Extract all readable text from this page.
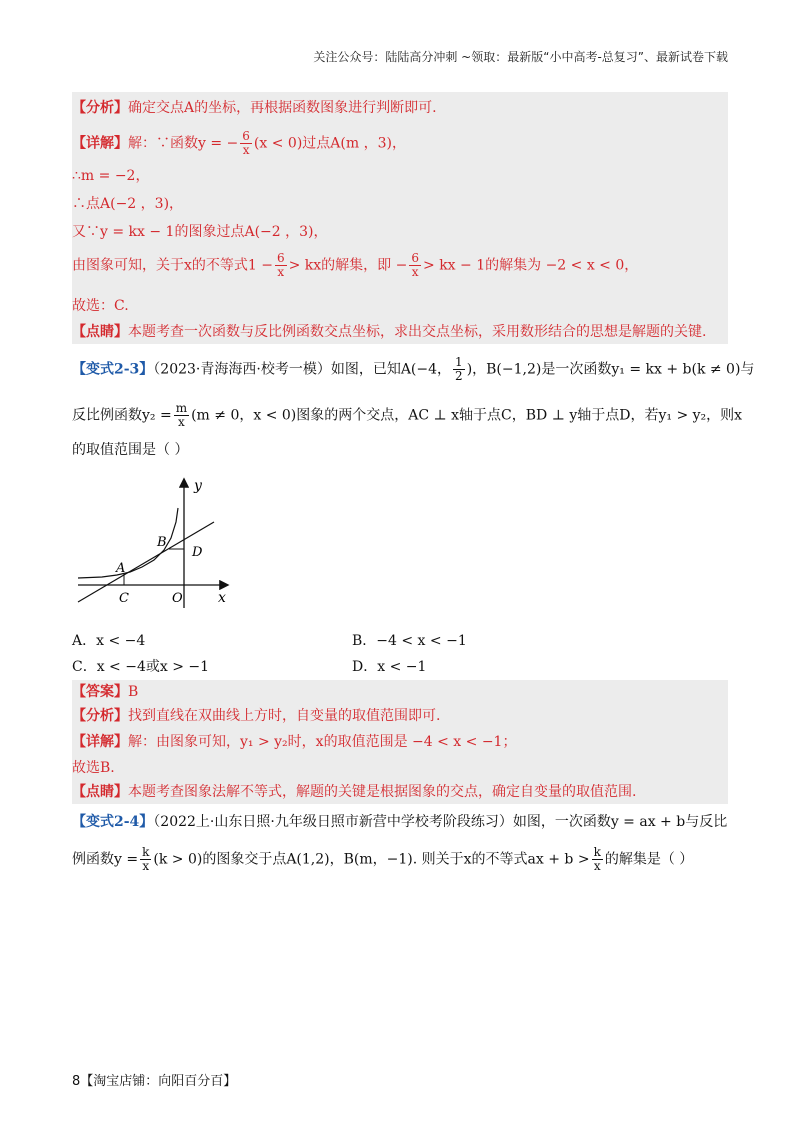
关注公众号：陆陆高分冲刺 ~领取：最新版“小中高考-总复习”、最新试卷下载
【分析】确定交点A的坐标，再根据函数图象进行判断即可.
【详解】解：∵函数y = − $\frac{6}{x} (x < 0)$过点A(m ，3)，
∴m = −2，
∴点A(−2 ，3)，
又∵y = kx − 1的图象过点A(−2 ，3)，
由图象可知，关于x的不等式$1 - \frac{6}{x}$ > kx的解集，即 − $\frac{6}{x}$ > kx − 1的解集为 −2 < x < 0，
故选：C.
【点睛】本题考查一次函数与反比例函数交点坐标，求出交点坐标，采用数形结合的思想是解题的关键.
【变式2-3】（2023·青海海西·校考一模）如图，已知A(−4， $\frac{1}{2}$ )，B(−1,2)是一次函数y₁ = kx + b(k ≠ 0)与
反比例函数$y_2 = \frac{m}{x} (m \ne 0$，x < 0)图象的两个交点，AC ⊥ x轴于点C，BD ⊥ y轴于点D，若y₁ > y₂，则x
的取值范围是（ ）
y
x
O
A
B
C
D
A．x < −4	B．−4 < x < −1
C．x < −4或x > −1	D．x < −1
【答案】B
【分析】找到直线在双曲线上方时，自变量的取值范围即可.
【详解】解：由图象可知，y₁ > y₂时，x的取值范围是 −4 < x < −1；
故选B.
【点睛】本题考查图象法解不等式，解题的关键是根据图象的交点，确定自变量的取值范围.
【变式2-4】（2022上·山东日照·九年级日照市新营中学校考阶段练习）如图，一次函数y = ax + b与反比
例函数$y = \frac{k}{x} (k > 0)$的图象交于点A(1,2)，B(m，−1). 则关于x的不等式ax + $b > \frac{k}{x}$ 的解集是（ ）
8【淘宝店铺：向阳百分百】
